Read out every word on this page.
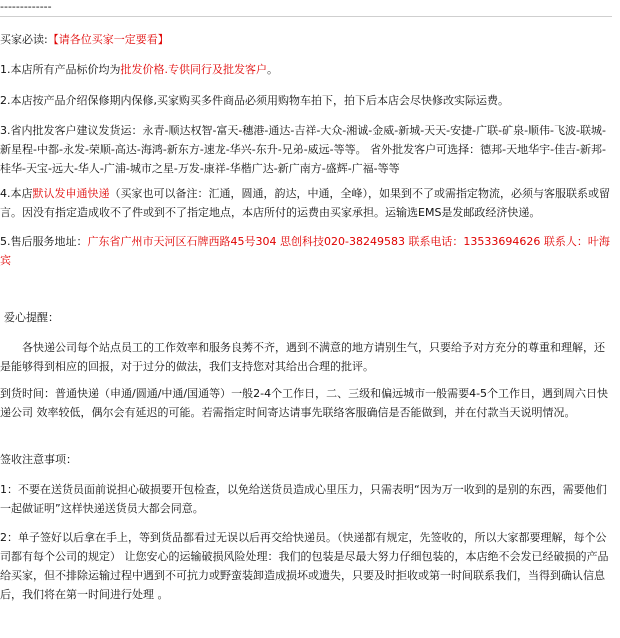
-------------
买家必读:【请各位买家一定要看】
1.本店所有产品标价均为批发价格.专供同行及批发客户。
2.本店按产品介绍保修期内保修,买家购买多件商品必须用购物车拍下，拍下后本店会尽快修改实际运费。
3.省内批发客户建议发货运：永青-顺达权智-富天-穗港-通达-吉祥-大众-湘诚-金威-新城-天天-安捷-广联-矿泉-顺伟-飞波-联城-新星程-中都-永发-荣顺-高达-海鸿-新东方-速龙-华兴-东升-兄弟-威远-等等。 省外批发客户可选择：德邦-天地华宇-佳吉-新邦-桂华-天宝-远大-华人-广浦-城市之星-万发-康祥-华楷广达-新广南方-盛辉-广福-等等
4.本店默认发申通快递（买家也可以备注：汇通，圆通，韵达，中通，全峰），如果到不了或需指定物流，必须与客服联系或留言。因没有指定造成收不了件或到不了指定地点，本店所付的运费由买家承担。运输选EMS是发邮政经济快递。
5.售后服务地址：广东省广州市天河区石牌西路45号304 思创科技020-38249583 联系电话：13533694626 联系人：叶海宾
爱心提醒：
各快递公司每个站点员工的工作效率和服务良莠不齐，遇到不满意的地方请别生气，只要给予对方充分的尊重和理解，还是能够得到相应的回报，对于过分的做法，我们支持您对其给出合理的批评。
到货时间：普通快递（申通/圆通/中通/国通等）一般2-4个工作日，二、三级和偏远城市一般需要4-5个工作日，遇到周六日快递公司 效率较低，偶尔会有延迟的可能。若需指定时间寄达请事先联络客服确信是否能做到，并在付款当天说明情况。
签收注意事项：
1：不要在送货员面前说担心破损要开包检查，以免给送货员造成心里压力，只需表明“因为万一收到的是别的东西，需要他们一起做证明”这样快递送货员大都会同意。
2：单子签好以后拿在手上，等到货品都看过无误以后再交给快递员。（快递都有规定，先签收的，所以大家都要理解，每个公司都有每个公司的规定） 让您安心的运输破损风险处理：我们的包装是尽最大努力仔细包装的，本店绝不会发已经破损的产品给买家，但不排除运输过程中遇到不可抗力或野蛮装卸造成损坏或遗失，只要及时拒收或第一时间联系我们，当得到确认信息后，我们将在第一时间进行处理 。
